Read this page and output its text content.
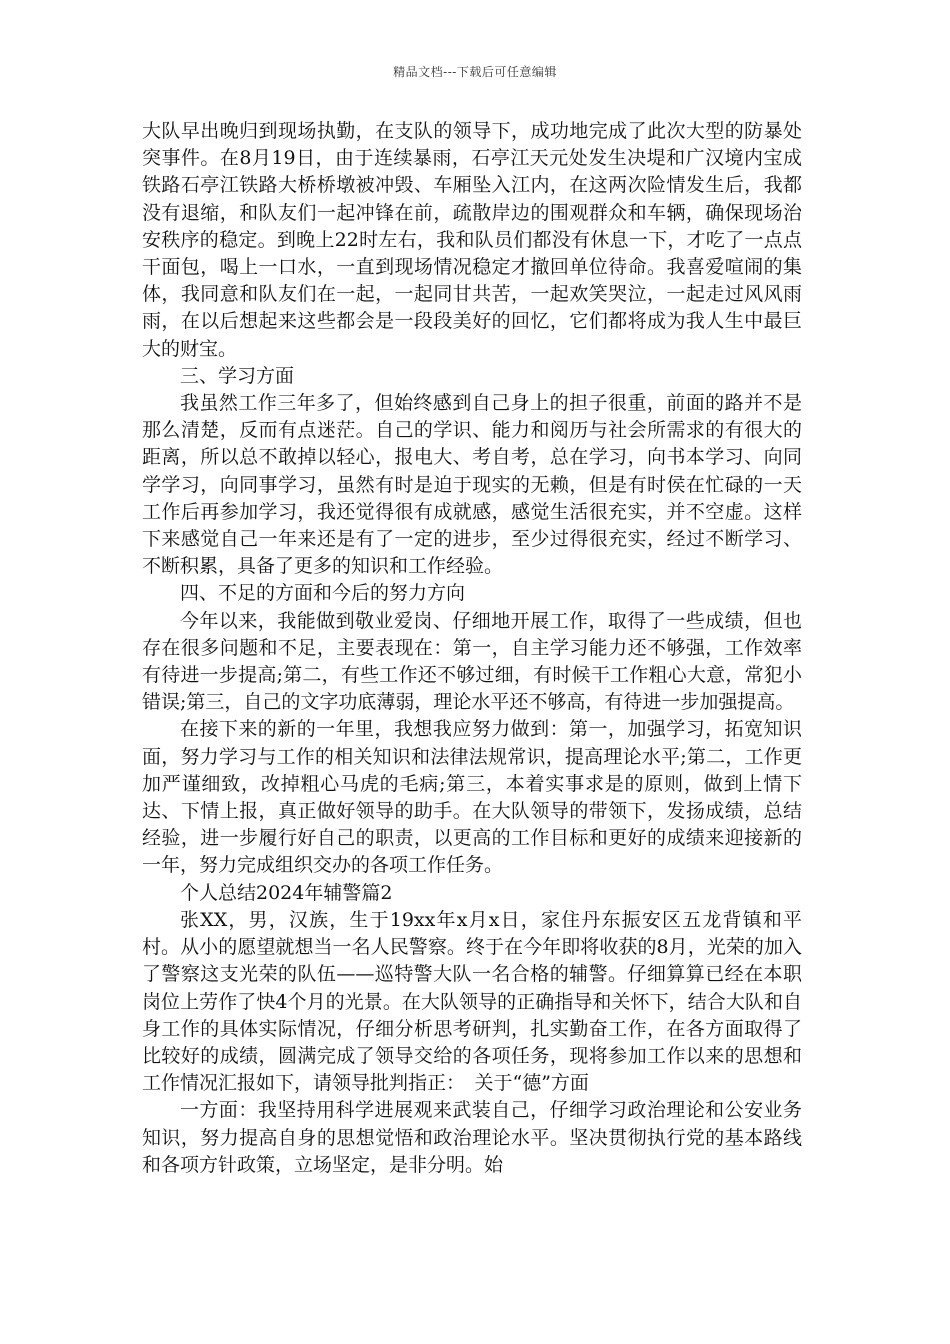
精品文档---下载后可任意编辑

大队早出晚归到现场执勤，在支队的领导下，成功地完成了此次大型的防暴处突事件。在8月19日，由于连续暴雨，石亭江天元处发生决堤和广汉境内宝成铁路石亭江铁路大桥桥墩被冲毁、车厢坠入江内，在这两次险情发生后，我都没有退缩，和队友们一起冲锋在前，疏散岸边的围观群众和车辆，确保现场治安秩序的稳定。到晚上22时左右，我和队员们都没有休息一下，才吃了一点点干面包，喝上一口水，一直到现场情况稳定才撤回单位待命。我喜爱喧闹的集体，我同意和队友们在一起，一起同甘共苦，一起欢笑哭泣，一起走过风风雨雨，在以后想起来这些都会是一段段美好的回忆，它们都将成为我人生中最巨大的财宝。

三、学习方面

我虽然工作三年多了，但始终感到自己身上的担子很重，前面的路并不是那么清楚，反而有点迷茫。自己的学识、能力和阅历与社会所需求的有很大的距离，所以总不敢掉以轻心，报电大、考自考，总在学习，向书本学习、向同学学习，向同事学习，虽然有时是迫于现实的无赖，但是有时侯在忙碌的一天工作后再参加学习，我还觉得很有成就感，感觉生活很充实，并不空虚。这样下来感觉自己一年来还是有了一定的进步，至少过得很充实，经过不断学习、不断积累，具备了更多的知识和工作经验。

四、不足的方面和今后的努力方向

今年以来，我能做到敬业爱岗、仔细地开展工作，取得了一些成绩，但也存在很多问题和不足，主要表现在：第一，自主学习能力还不够强，工作效率有待进一步提高;第二，有些工作还不够过细，有时候干工作粗心大意，常犯小错误;第三，自己的文字功底薄弱，理论水平还不够高，有待进一步加强提高。

在接下来的新的一年里，我想我应努力做到：第一，加强学习，拓宽知识面，努力学习与工作的相关知识和法律法规常识，提高理论水平;第二，工作更加严谨细致，改掉粗心马虎的毛病;第三，本着实事求是的原则，做到上情下达、下情上报，真正做好领导的助手。在大队领导的带领下，发扬成绩，总结经验，进一步履行好自己的职责，以更高的工作目标和更好的成绩来迎接新的一年，努力完成组织交办的各项工作任务。

个人总结2024年辅警篇2

张XX，男，汉族，生于19xx年x月x日，家住丹东振安区五龙背镇和平村。从小的愿望就想当一名人民警察。终于在今年即将收获的8月，光荣的加入了警察这支光荣的队伍——巡特警大队一名合格的辅警。仔细算算已经在本职岗位上劳作了快4个月的光景。在大队领导的正确指导和关怀下，结合大队和自身工作的具体实际情况，仔细分析思考研判，扎实勤奋工作，在各方面取得了比较好的成绩，圆满完成了领导交给的各项任务，现将参加工作以来的思想和工作情况汇报如下，请领导批判指正：　关于“德”方面

一方面：我坚持用科学进展观来武装自己，仔细学习政治理论和公安业务知识，努力提高自身的思想觉悟和政治理论水平。坚决贯彻执行党的基本路线和各项方针政策，立场坚定，是非分明。始
